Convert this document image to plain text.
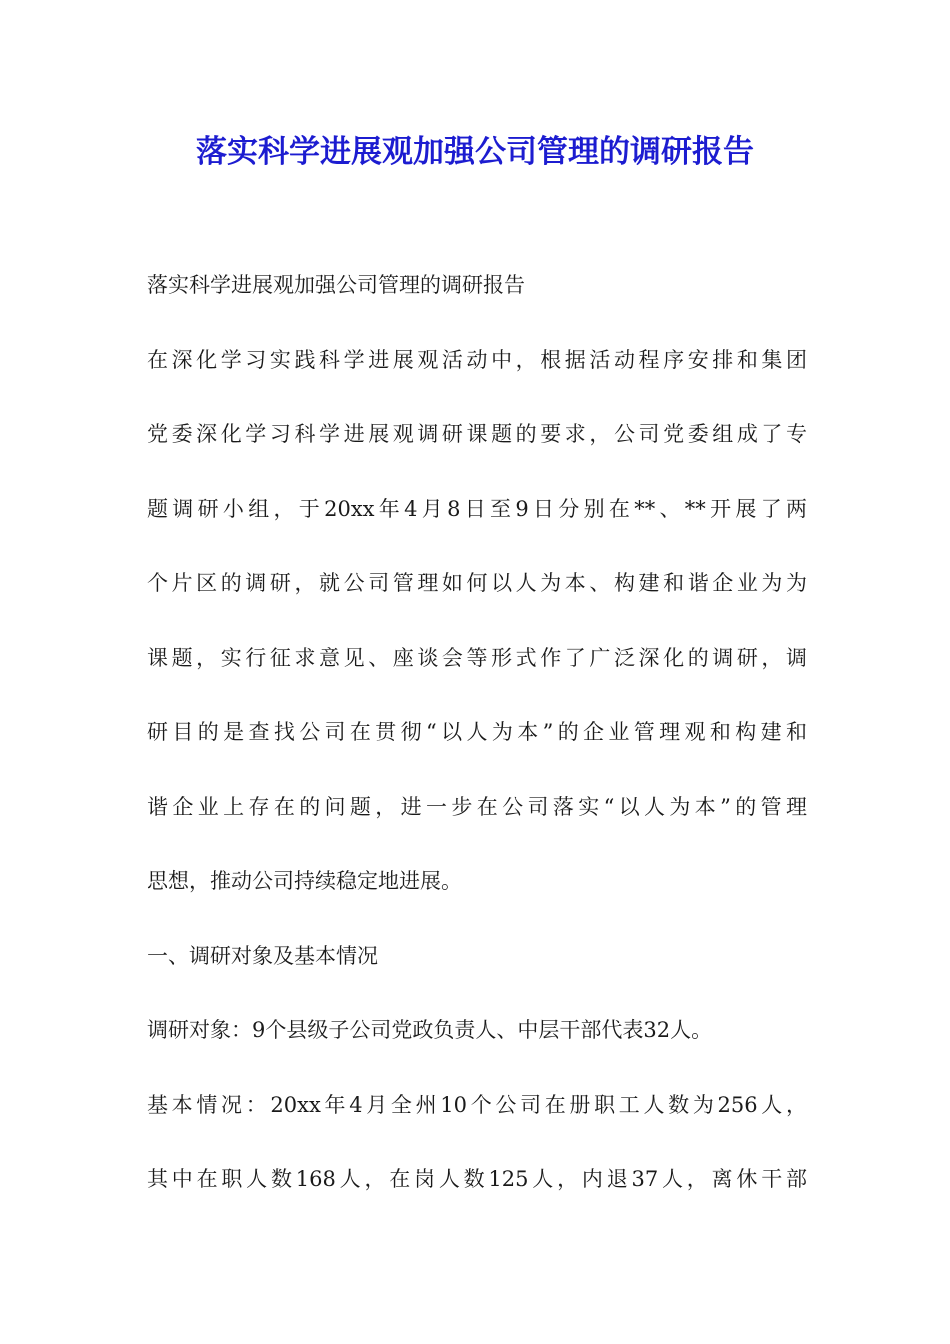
落实科学进展观加强公司管理的调研报告
落实科学进展观加强公司管理的调研报告
在深化学习实践科学进展观活动中，根据活动程序安排和集团
党委深化学习科学进展观调研课题的要求，公司党委组成了专
题调研小组，于20xx年4月8日至9日分别在**、**开展了两
个片区的调研，就公司管理如何以人为本、构建和谐企业为为
课题，实行征求意见、座谈会等形式作了广泛深化的调研，调
研目的是查找公司在贯彻“以人为本”的企业管理观和构建和
谐企业上存在的问题，进一步在公司落实“以人为本”的管理
思想，推动公司持续稳定地进展。
一、调研对象及基本情况
调研对象：9个县级子公司党政负责人、中层干部代表32人。
基本情况：20xx年4月全州10个公司在册职工人数为256人，
其中在职人数168人，在岗人数125人，内退37人，离休干部
